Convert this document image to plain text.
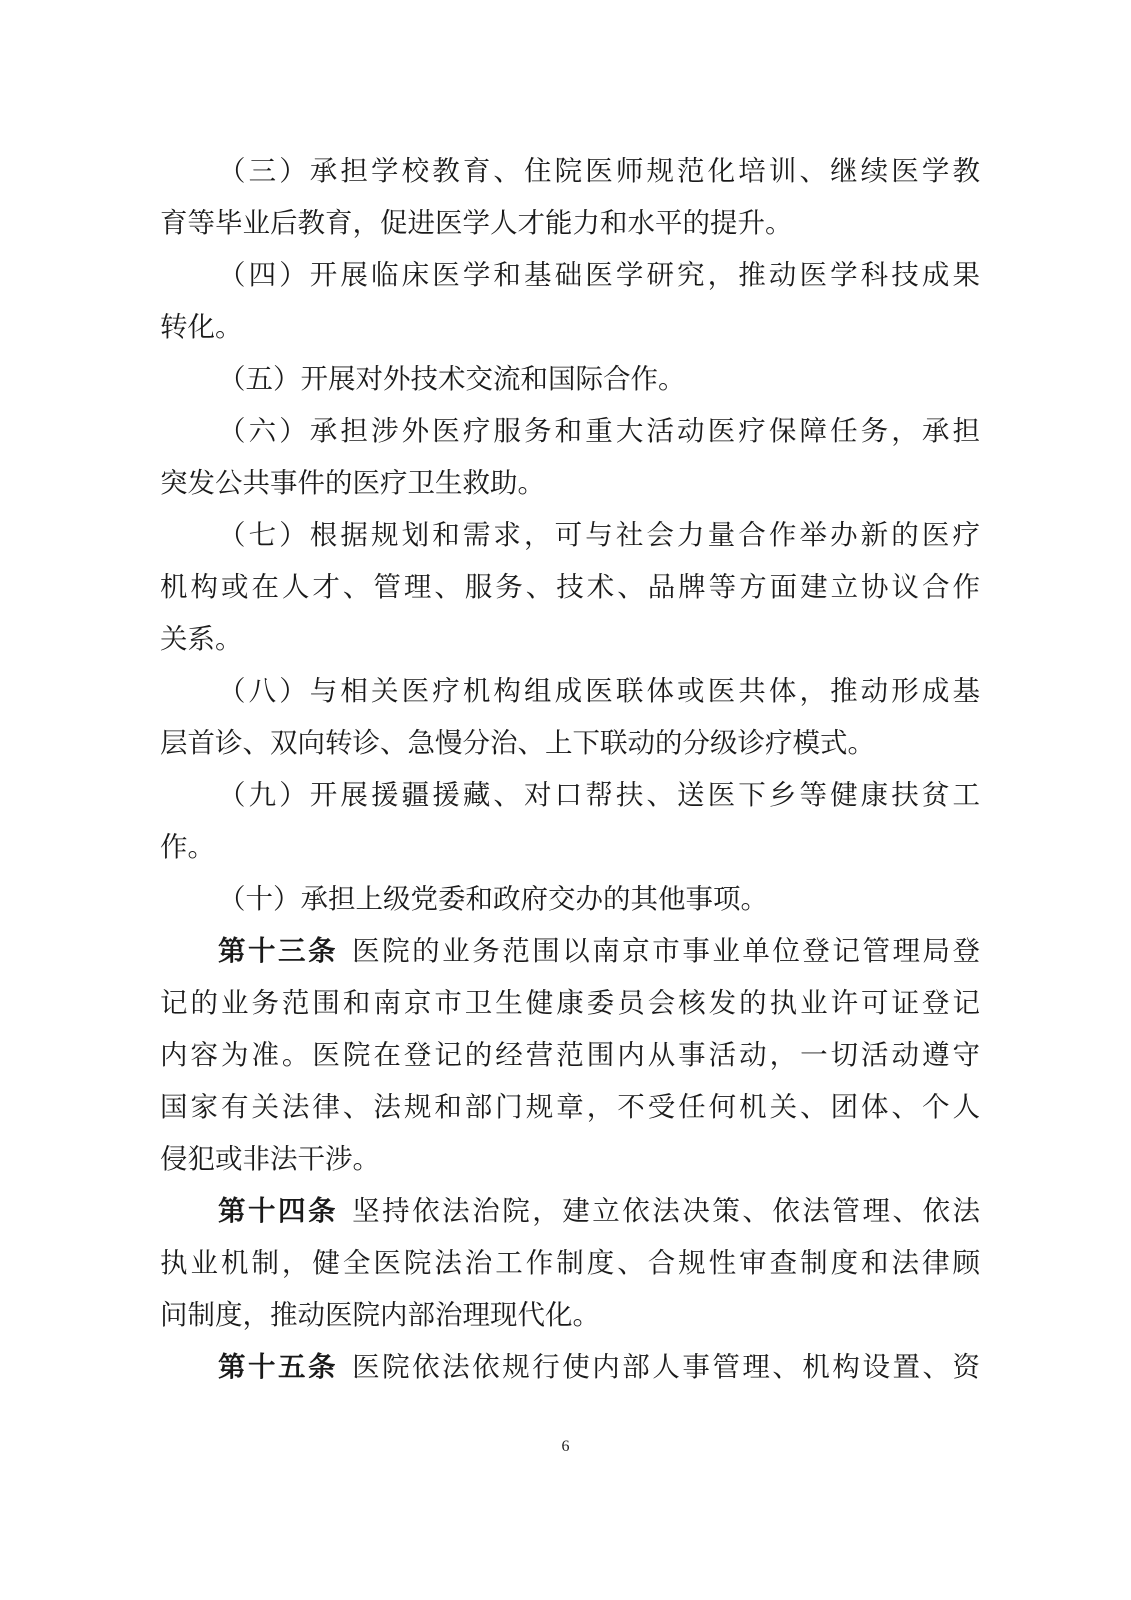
（三）承担学校教育、住院医师规范化培训、继续医学教
育等毕业后教育，促进医学人才能力和水平的提升。
（四）开展临床医学和基础医学研究，推动医学科技成果
转化。
（五）开展对外技术交流和国际合作。
（六）承担涉外医疗服务和重大活动医疗保障任务，承担
突发公共事件的医疗卫生救助。
（七）根据规划和需求，可与社会力量合作举办新的医疗
机构或在人才、管理、服务、技术、品牌等方面建立协议合作
关系。
（八）与相关医疗机构组成医联体或医共体，推动形成基
层首诊、双向转诊、急慢分治、上下联动的分级诊疗模式。
（九）开展援疆援藏、对口帮扶、送医下乡等健康扶贫工
作。
（十）承担上级党委和政府交办的其他事项。
第十三条 医院的业务范围以南京市事业单位登记管理局登
记的业务范围和南京市卫生健康委员会核发的执业许可证登记
内容为准。医院在登记的经营范围内从事活动，一切活动遵守
国家有关法律、法规和部门规章，不受任何机关、团体、个人
侵犯或非法干涉。
第十四条 坚持依法治院，建立依法决策、依法管理、依法
执业机制，健全医院法治工作制度、合规性审查制度和法律顾
问制度，推动医院内部治理现代化。
第十五条 医院依法依规行使内部人事管理、机构设置、资
6
